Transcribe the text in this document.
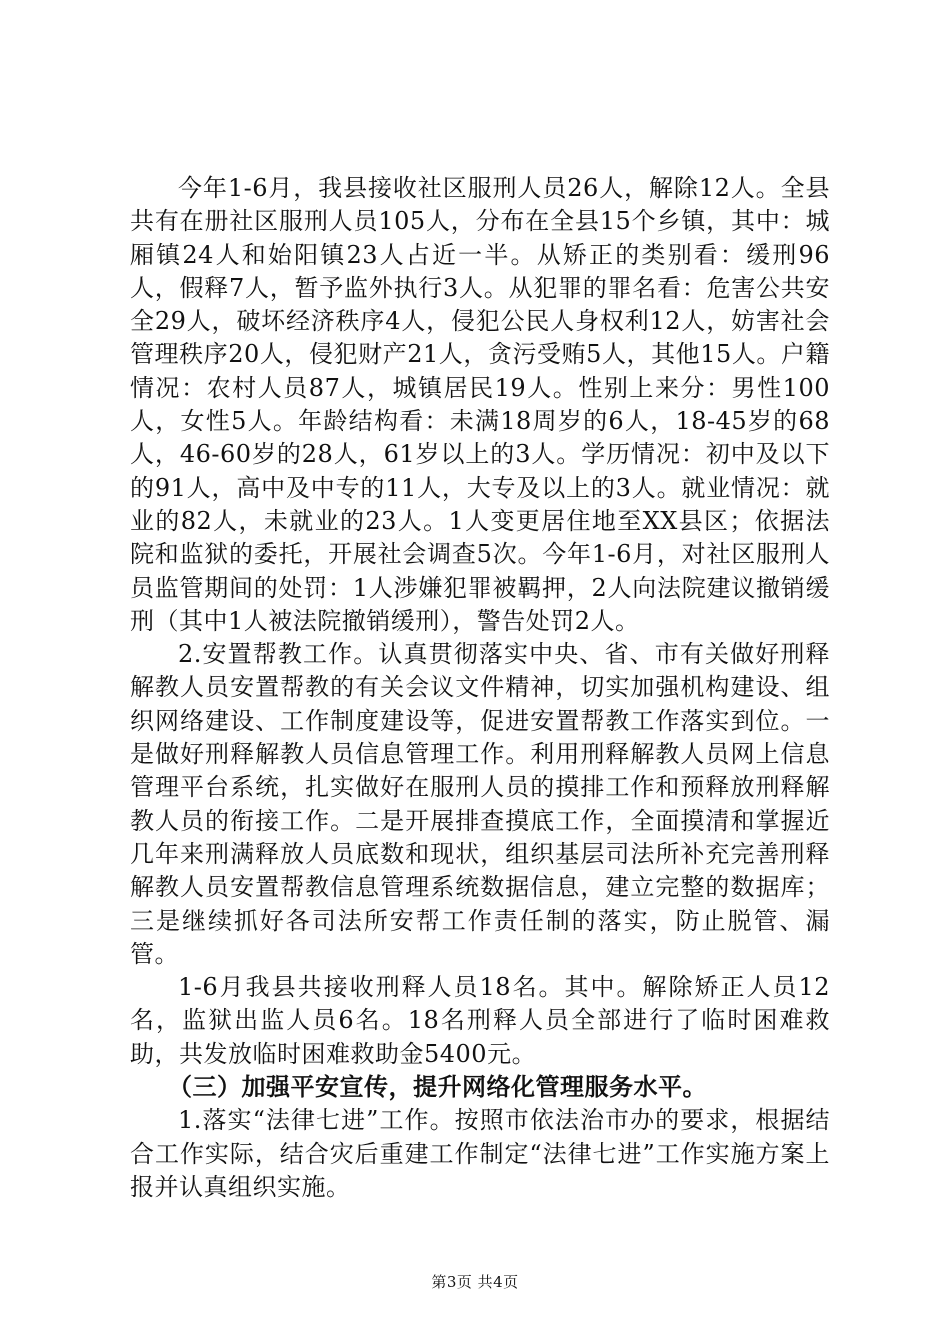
今年1-6月，我县接收社区服刑人员26人，解除12人。全县共有在册社区服刑人员105人，分布在全县15个乡镇，其中：城厢镇24人和始阳镇23人占近一半。从矫正的类别看：缓刑96人，假释7人，暂予监外执行3人。从犯罪的罪名看：危害公共安全29人，破坏经济秩序4人，侵犯公民人身权利12人，妨害社会管理秩序20人，侵犯财产21人，贪污受贿5人，其他15人。户籍情况：农村人员87人，城镇居民19人。性别上来分：男性100人，女性5人。年龄结构看：未满18周岁的6人，18-45岁的68人，46-60岁的28人，61岁以上的3人。学历情况：初中及以下的91人，高中及中专的11人，大专及以上的3人。就业情况：就业的82人，未就业的23人。1人变更居住地至XX县区；依据法院和监狱的委托，开展社会调查5次。今年1-6月，对社区服刑人员监管期间的处罚：1人涉嫌犯罪被羁押，2人向法院建议撤销缓刑（其中1人被法院撤销缓刑），警告处罚2人。

2.安置帮教工作。认真贯彻落实中央、省、市有关做好刑释解教人员安置帮教的有关会议文件精神，切实加强机构建设、组织网络建设、工作制度建设等，促进安置帮教工作落实到位。一是做好刑释解教人员信息管理工作。利用刑释解教人员网上信息管理平台系统，扎实做好在服刑人员的摸排工作和预释放刑释解教人员的衔接工作。二是开展排查摸底工作，全面摸清和掌握近几年来刑满释放人员底数和现状，组织基层司法所补充完善刑释解教人员安置帮教信息管理系统数据信息，建立完整的数据库；三是继续抓好各司法所安帮工作责任制的落实，防止脱管、漏管。

1-6月我县共接收刑释人员18名。其中。解除矫正人员12名，监狱出监人员6名。18名刑释人员全部进行了临时困难救助，共发放临时困难救助金5400元。

（三）加强平安宣传，提升网络化管理服务水平。

1.落实“法律七进”工作。按照市依法治市办的要求，根据结合工作实际，结合灾后重建工作制定“法律七进”工作实施方案上报并认真组织实施。

第3页 共4页
